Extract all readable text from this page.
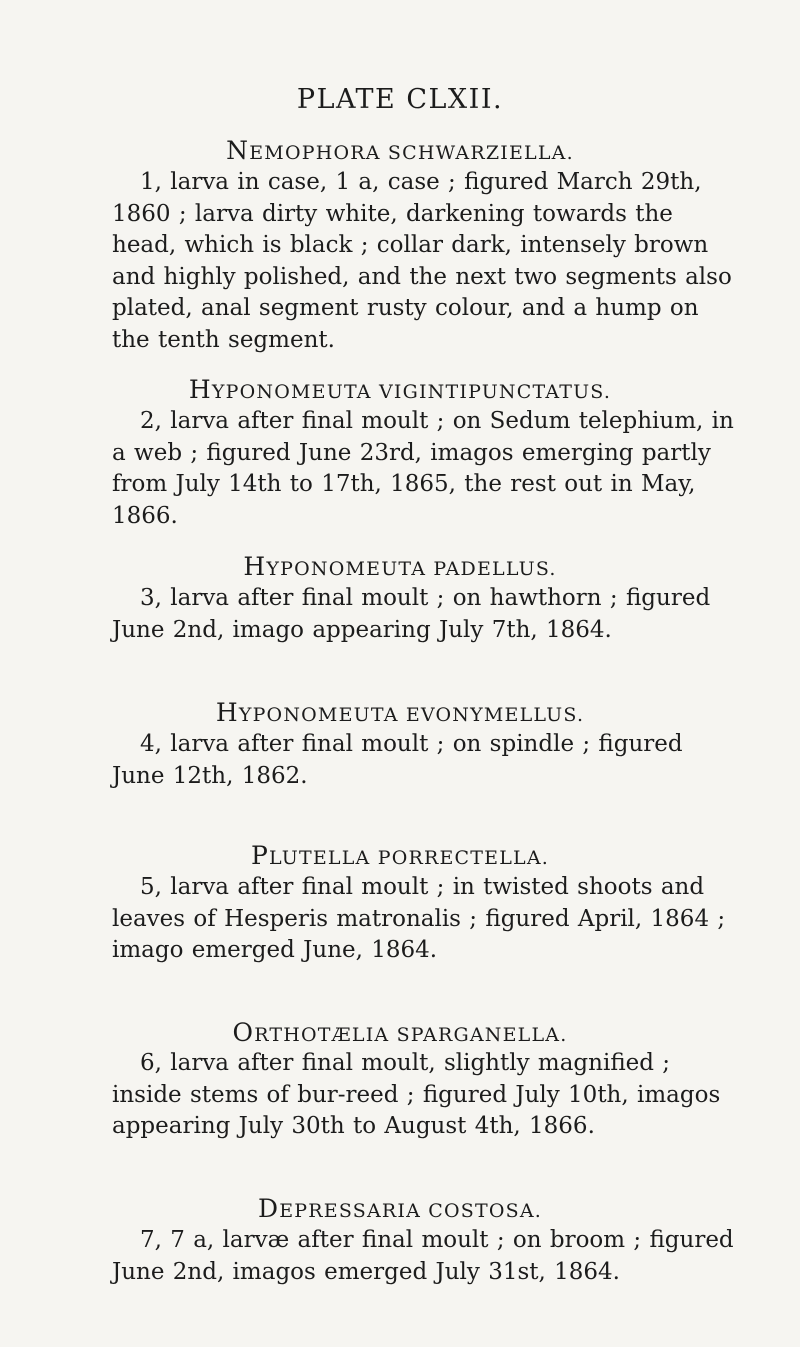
PLATE CLXII.
NEMOPHORA SCHWARZIELLA.

1, larva in case, 1 a, case ; figured March 29th,
1860 ; larva dirty white, darkening towards the
head, which is black ; collar dark, intensely brown
and highly polished, and the next two segments also
plated, anal segment rusty colour, and a hump on
the tenth segment.

HYPONOMEUTA VIGINTIPUNCTATUS.

2, larva after final moult ; on Sedum telephium, in
a web ; figured June 23rd, imagos emerging partly
from July 14th to 17th, 1865, the rest out in May,
1866.

HYPONOMEUTA PADELLUS.

3, larva after final moult ; on hawthorn ; figured
June 2nd, imago appearing July 7th, 1864.

HYPONOMEUTA EVONYMELLUS.

4, larva after final moult ; on spindle ; figured
June 12th, 1862.

PLUTELLA PORRECTELLA.

5, larva after final moult ; in twisted shoots and
leaves of Hesperis matronalis ; figured April, 1864 ;
imago emerged June, 1864.

ORTHOTÆLIA SPARGANELLA.

6, larva after final moult, slightly magnified ;
inside stems of bur-reed ; figured July 10th, imagos
appearing July 30th to August 4th, 1866.

DEPRESSARIA COSTOSA.

7, 7 a, larvæ after final moult ; on broom ; figured
June 2nd, imagos emerged July 31st, 1864.
